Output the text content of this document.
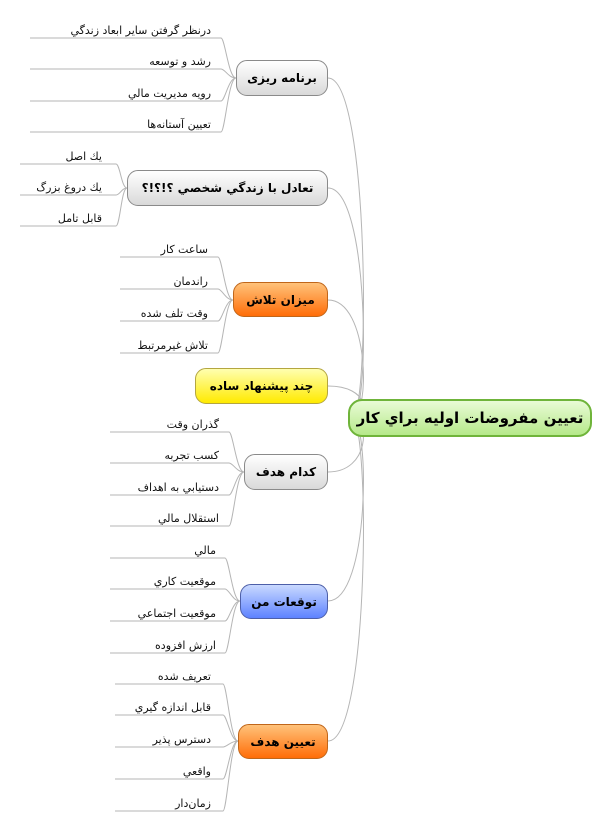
تعيين مفروضات اوليه براي كار
برنامه ریزی
درنظر گرفتن ساير ابعاد زندگي
رشد و توسعه
رويه مديريت مالي
تعيين آستانه‌ها
تعادل با زندگي شخصي ؟!؟!؟
يك اصل
يك دروغ بزرگ
قابل تامل
ميزان تلاش
ساعت كار
راندمان
وقت تلف شده
تلاش غيرمرتبط
چند پيشنهاد ساده
كدام هدف
گذران وقت
كسب تجربه
دستيابي به اهداف
استقلال مالي
توقعات من
مالي
موقعيت كاري
موقعيت اجتماعي
ارزش افزوده
تعيين هدف
تعريف شده
قابل اندازه گيري
دسترس پذير
واقعي
زمان‌دار
